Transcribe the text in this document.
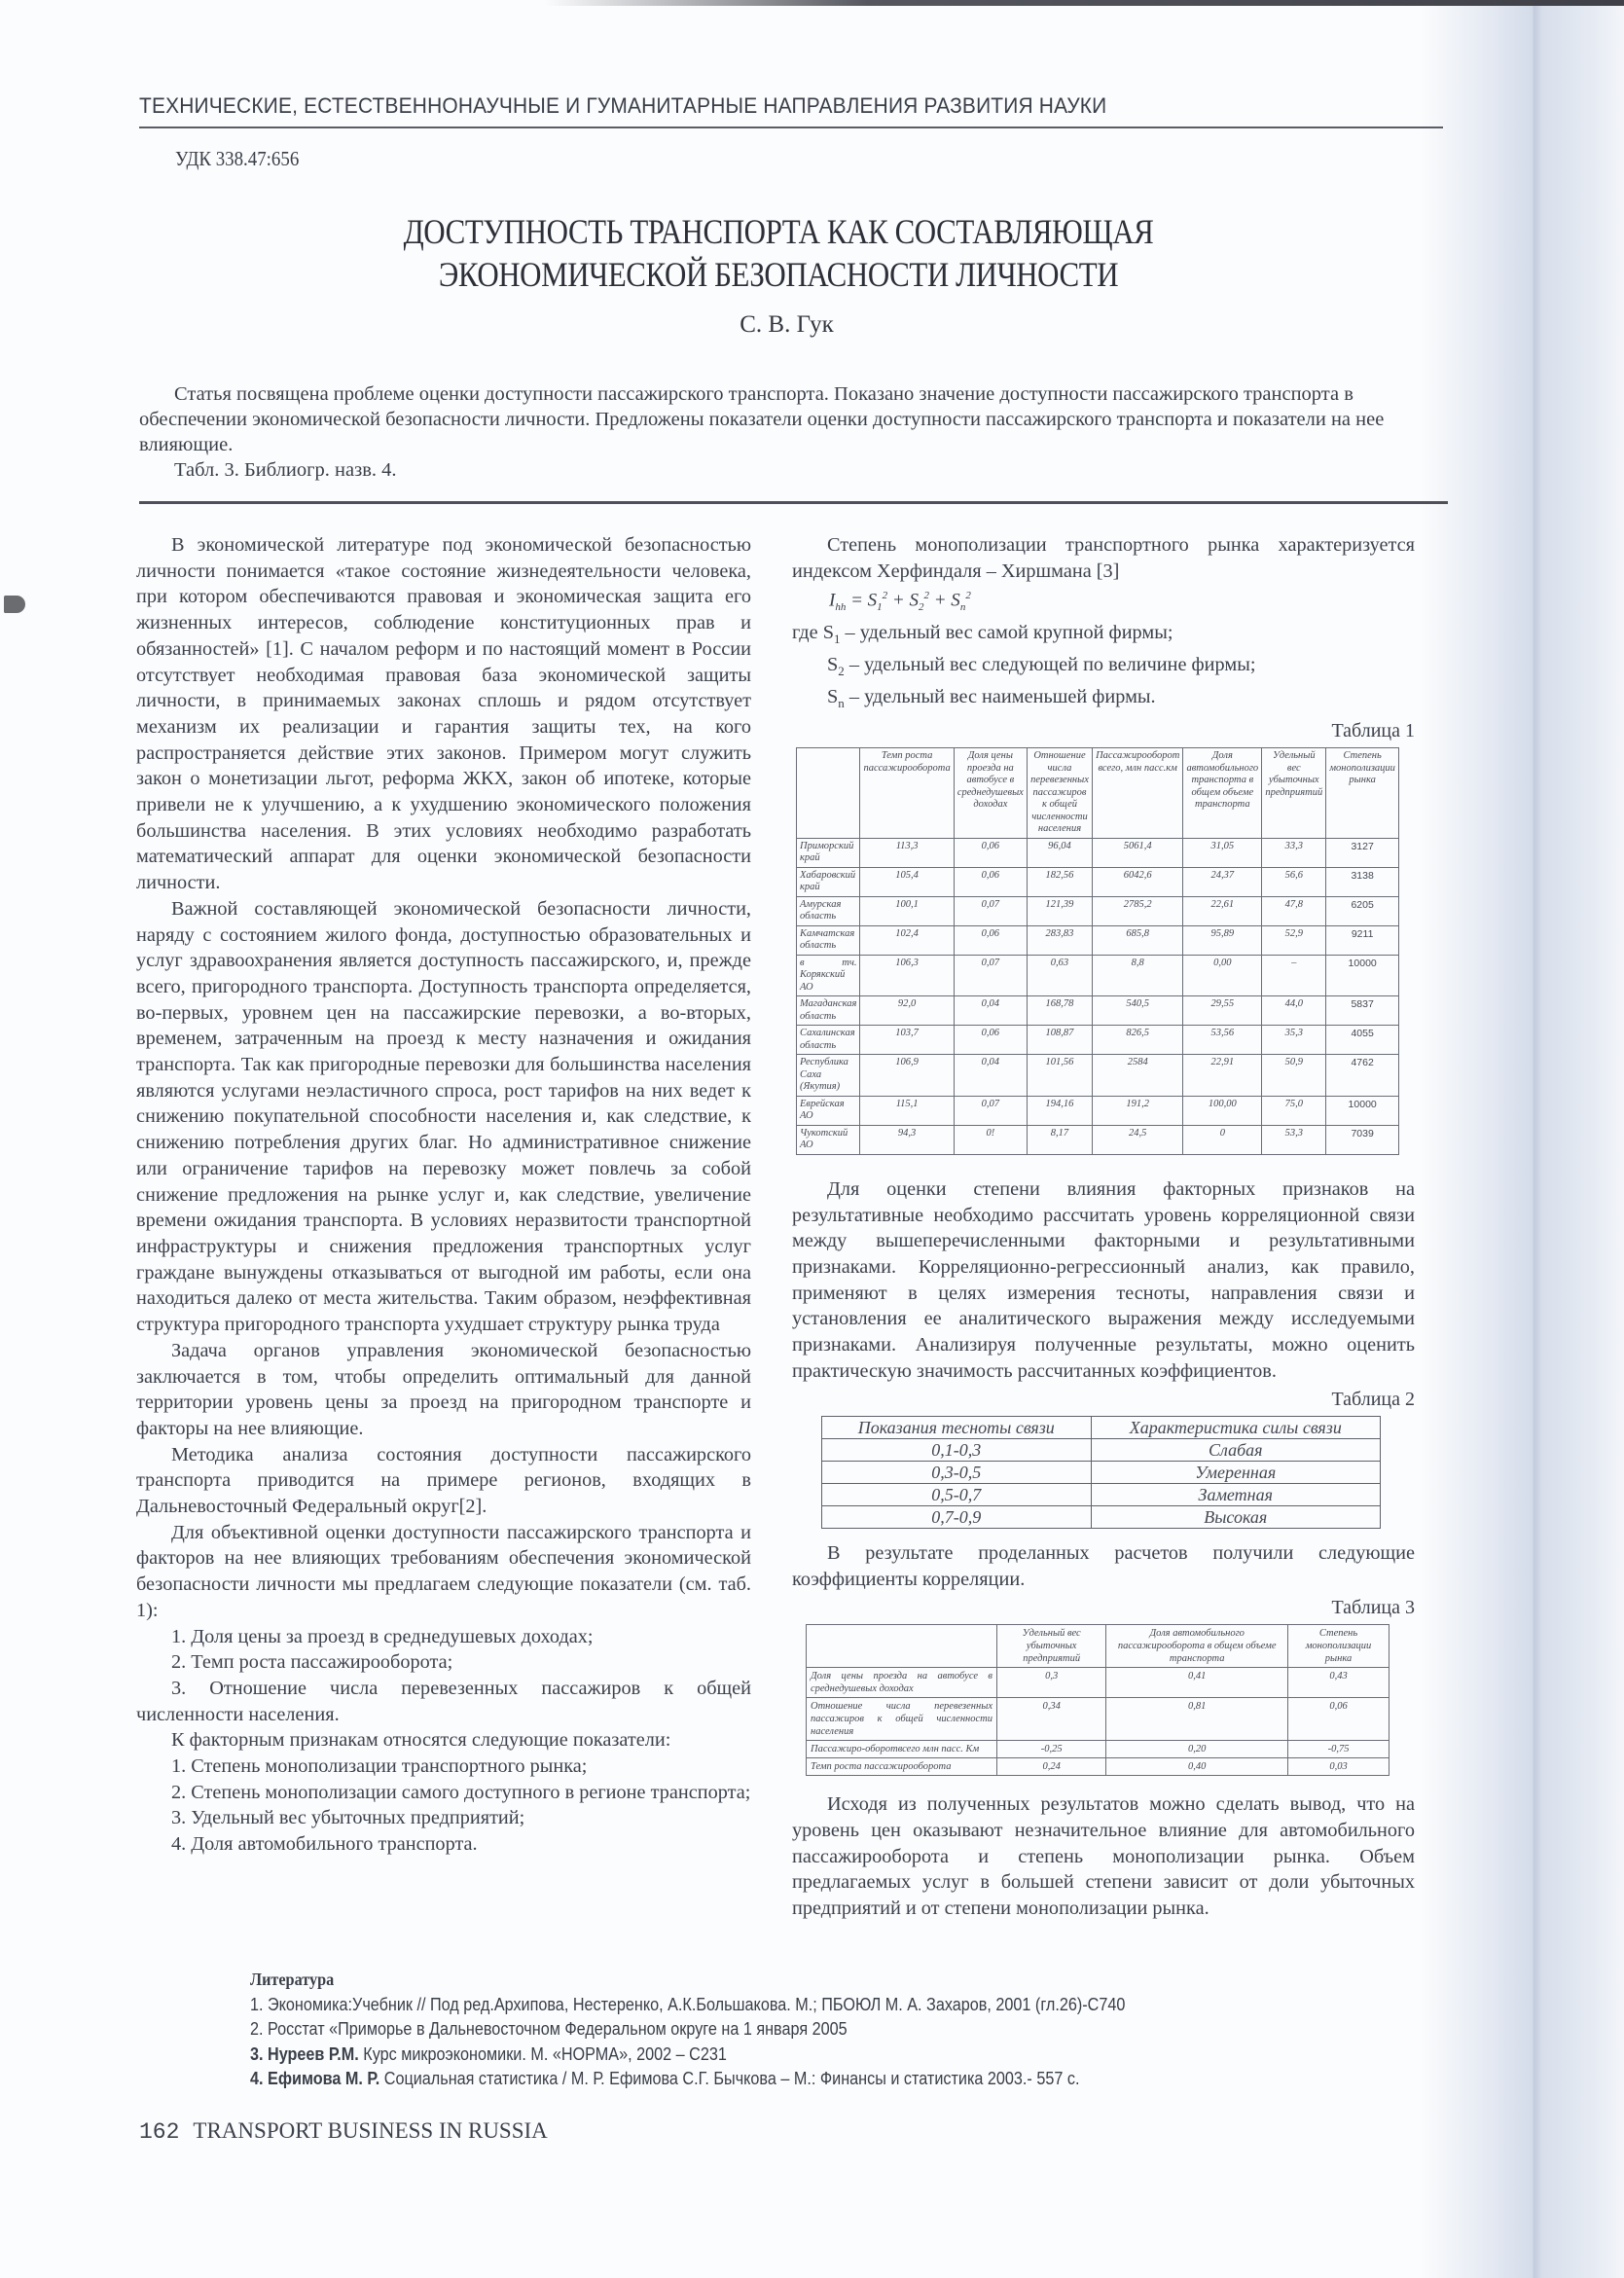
ТЕХНИЧЕСКИЕ, ЕСТЕСТВЕННОНАУЧНЫЕ И ГУМАНИТАРНЫЕ НАПРАВЛЕНИЯ РАЗВИТИЯ НАУКИ
УДК 338.47:656
ДОСТУПНОСТЬ ТРАНСПОРТА КАК СОСТАВЛЯЮЩАЯ
ЭКОНОМИЧЕСКОЙ БЕЗОПАСНОСТИ ЛИЧНОСТИ
С. В. Гук

Статья посвящена проблеме оценки доступности пассажирского транспорта. Показано значение доступности пассажирского транспорта в обеспечении экономической безопасности личности. Предложены показатели оценки доступности пассажирского транспорта и показатели на нее влияющие.

Табл. 3. Библиогр. назв. 4.

В экономической литературе под экономической безопасностью личности понимается «такое состояние жизнедеятельности человека, при котором обеспечиваются правовая и экономическая защита его жизненных интересов, соблюдение конституционных прав и обязанностей» [1]. С началом реформ и по настоящий момент в России отсутствует необходимая правовая база экономической защиты личности, в принимаемых законах сплошь и рядом отсутствует механизм их реализации и гарантия защиты тех, на кого распространяется действие этих законов. Примером могут служить закон о монетизации льгот, реформа ЖКХ, закон об ипотеке, которые привели не к улучшению, а к ухудшению экономического положения большинства населения. В этих условиях необходимо разработать математический аппарат для оценки экономической безопасности личности.

Важной составляющей экономической безопасности личности, наряду с состоянием жилого фонда, доступностью образовательных и услуг здравоохранения является доступность пассажирского, и, прежде всего, пригородного транспорта. Доступность транспорта определяется, во-первых, уровнем цен на пассажирские перевозки, а во-вторых, временем, затраченным на проезд к месту назначения и ожидания транспорта. Так как пригородные перевозки для большинства населения являются услугами неэластичного спроса, рост тарифов на них ведет к снижению покупательной способности населения и, как следствие, к снижению потребления других благ. Но административное снижение или ограничение тарифов на перевозку может повлечь за собой снижение предложения на рынке услуг и, как следствие, увеличение времени ожидания транспорта. В условиях неразвитости транспортной инфраструктуры и снижения предложения транспортных услуг граждане вынуждены отказываться от выгодной им работы, если она находиться далеко от места жительства. Таким образом, неэффективная структура пригородного транспорта ухудшает структуру рынка труда

Задача органов управления экономической безопасностью заключается в том, чтобы определить оптимальный для данной территории уровень цены за проезд на пригородном транспорте и факторы на нее влияющие.

Методика анализа состояния доступности пассажирского транспорта приводится на примере регионов, входящих в Дальневосточный Федеральный округ[2].

Для объективной оценки доступности пассажирского транспорта и факторов на нее влияющих требованиям обеспечения экономической безопасности личности мы предлагаем следующие показатели (см. таб. 1):

1. Доля цены за проезд в среднедушевых доходах;

2. Темп роста пассажирооборота;

3. Отношение числа перевезенных пассажиров к общей численности населения.

К факторным признакам относятся следующие показатели:

1. Степень монополизации транспортного рынка;

2. Степень монополизации самого доступного в регионе транспорта;

3. Удельный вес убыточных предприятий;

4. Доля автомобильного транспорта.

Степень монополизации транспортного рынка характеризуется индексом Херфиндаля – Хиршмана [3]

$I_{hh} = S_1^2 + S_2^2 + S_n^2$
где $S_1$ – удельный вес самой крупной фирмы;
$S_2$ – удельный вес следующей по величине фирмы;
$S_n$ – удельный вес наименьшей фирмы.
Таблица 1
	Темп роста пассажирооборота	Доля цены проезда на автобусе в среднедушевых доходах	Отношение числа перевезенных пассажиров к общей численности населения	Пассажирооборот всего, млн пасс.км	Доля автомобильного транспорта в общем объеме транспорта	Удельный вес убыточных предприятий	Степень монополизации рынка
Приморский край	113,3	0,06	96,04	5061,4	31,05	33,3	3127
Хабаровский край	105,4	0,06	182,56	6042,6	24,37	56,6	3138
Амурская область	100,1	0,07	121,39	2785,2	22,61	47,8	6205
Камчатская область	102,4	0,06	283,83	685,8	95,89	52,9	9211
в тч. Корякский АО	106,3	0,07	0,63	8,8	0,00	–	10000
Магаданская область	92,0	0,04	168,78	540,5	29,55	44,0	5837
Сахалинская область	103,7	0,06	108,87	826,5	53,56	35,3	4055
Республика Саха (Якутия)	106,9	0,04	101,56	2584	22,91	50,9	4762
Еврейская АО	115,1	0,07	194,16	191,2	100,00	75,0	10000
Чукотский АО	94,3	0!	8,17	24,5	0	53,3	7039

Для оценки степени влияния факторных признаков на результативные необходимо рассчитать уровень корреляционной связи между вышеперечисленными факторными и результативными признаками. Корреляционно-регрессионный анализ, как правило, применяют в целях измерения тесноты, направления связи и установления ее аналитического выражения между исследуемыми признаками. Анализируя полученные результаты, можно оценить практическую значимость рассчитанных коэффициентов.

Таблица 2
Показания тесноты связи	Характеристика силы связи
0,1-0,3	Слабая
0,3-0,5	Умеренная
0,5-0,7	Заметная
0,7-0,9	Высокая

В результате проделанных расчетов получили следующие коэффициенты корреляции.

Таблица 3
	Удельный вес убыточных предприятий	Доля автомобильного пассажирооборота в общем объеме транспорта	Степень монополизации рынка
Доля цены проезда на автобусе в среднедушевых доходах	0,3	0,41	0,43
Отношение числа перевезенных пассажиров к общей численности населения	0,34	0,81	0,06
Пассажиро-оборотвсего млн пасс. Км	-0,25	0,20	-0,75
Темп роста пассажирооборота	0,24	0,40	0,03

Исходя из полученных результатов можно сделать вывод, что на уровень цен оказывают незначительное влияние для автомобильного пассажирооборота и степень монополизации рынка. Объем предлагаемых услуг в большей степени зависит от доли убыточных предприятий и от степени монополизации рынка.

Литература
1. Экономика:Учебник // Под ред.Архипова, Нестеренко, А.К.Большакова. М.; ПБОЮЛ М. А. Захаров, 2001 (гл.26)-С740
2. Росстат «Приморье в Дальневосточном Федеральном округе на 1 января 2005
3. Нуреев Р.М. Курс микроэкономики. М. «НОРМА», 2002 – С231
4. Ефимова М. Р. Социальная статистика / М. Р. Ефимова С.Г. Бычкова – М.: Финансы и статистика 2003.- 557 с.
162 TRANSPORT BUSINESS IN RUSSIA
